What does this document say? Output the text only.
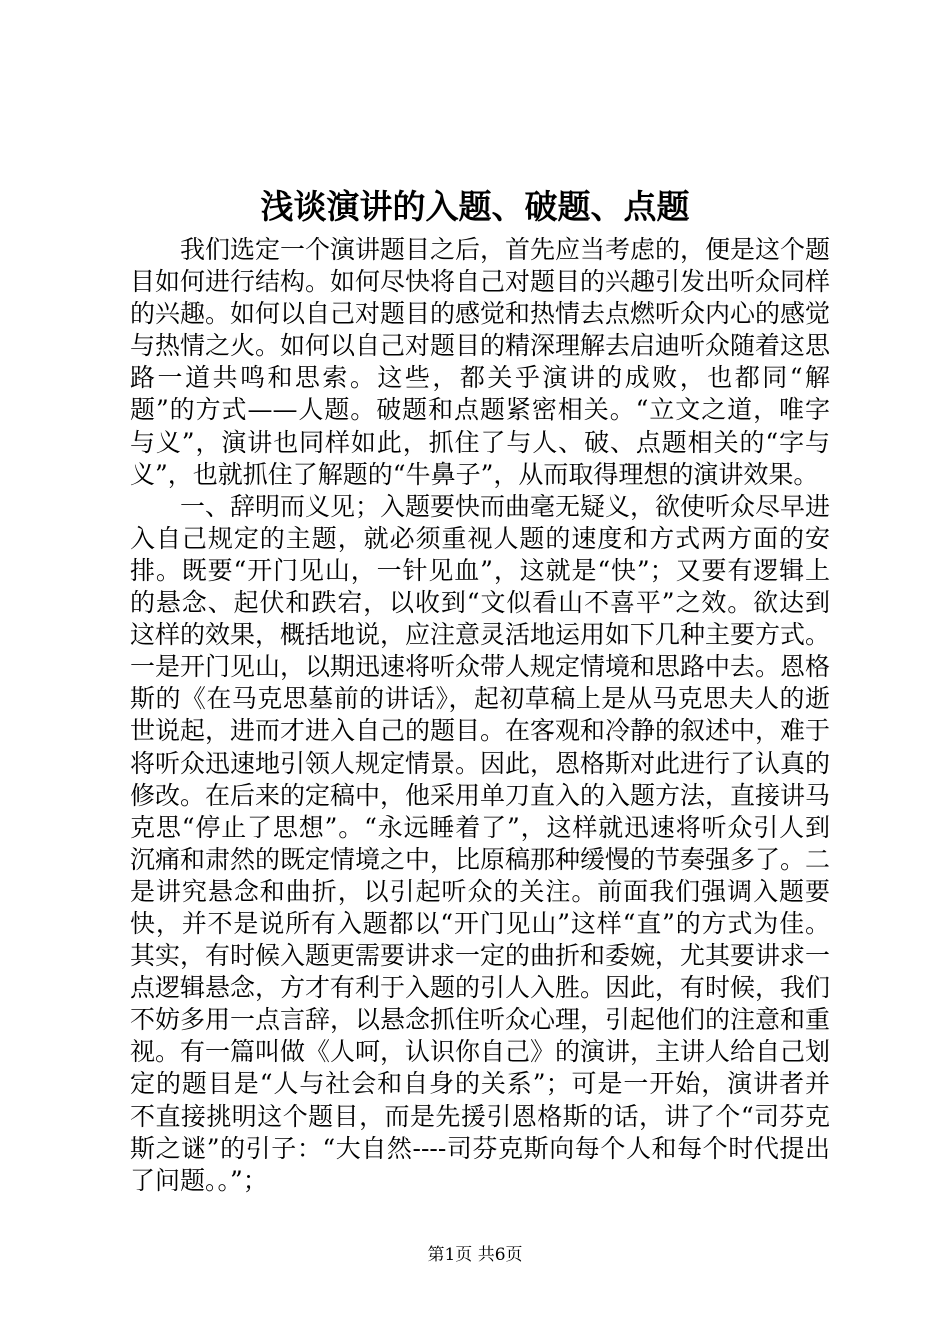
浅谈演讲的入题、破题、点题

我们选定一个演讲题目之后，首先应当考虑的，便是这个题目如何进行结构。如何尽快将自己对题目的兴趣引发出听众同样的兴趣。如何以自己对题目的感觉和热情去点燃听众内心的感觉与热情之火。如何以自己对题目的精深理解去启迪听众随着这思路一道共鸣和思索。这些，都关乎演讲的成败，也都同“解题”的方式——人题。破题和点题紧密相关。“立文之道，唯字与义”，演讲也同样如此，抓住了与人、破、点题相关的“字与义”，也就抓住了解题的“牛鼻子”，从而取得理想的演讲效果。

一、辞明而义见；入题要快而曲毫无疑义，欲使听众尽早进入自己规定的主题，就必须重视人题的速度和方式两方面的安排。既要“开门见山，一针见血”，这就是“快”；又要有逻辑上的悬念、起伏和跌宕，以收到“文似看山不喜平”之效。欲达到这样的效果，概括地说，应注意灵活地运用如下几种主要方式。一是开门见山，以期迅速将听众带人规定情境和思路中去。恩格斯的《在马克思墓前的讲话》，起初草稿上是从马克思夫人的逝世说起，进而才进入自己的题目。在客观和冷静的叙述中，难于将听众迅速地引领人规定情景。因此，恩格斯对此进行了认真的修改。在后来的定稿中，他采用单刀直入的入题方法，直接讲马克思“停止了思想”。“永远睡着了”，这样就迅速将听众引人到沉痛和肃然的既定情境之中，比原稿那种缓慢的节奏强多了。二是讲究悬念和曲折，以引起听众的关注。前面我们强调入题要快，并不是说所有入题都以“开门见山”这样“直”的方式为佳。其实，有时候入题更需要讲求一定的曲折和委婉，尤其要讲求一点逻辑悬念，方才有利于入题的引人入胜。因此，有时候，我们不妨多用一点言辞，以悬念抓住听众心理，引起他们的注意和重视。有一篇叫做《人呵，认识你自己》的演讲，主讲人给自己划定的题目是“人与社会和自身的关系”；可是一开始，演讲者并不直接挑明这个题目，而是先援引恩格斯的话，讲了个“司芬克斯之谜”的引子：“大自然----司芬克斯向每个人和每个时代提出了问题。。”；

第1页 共6页
